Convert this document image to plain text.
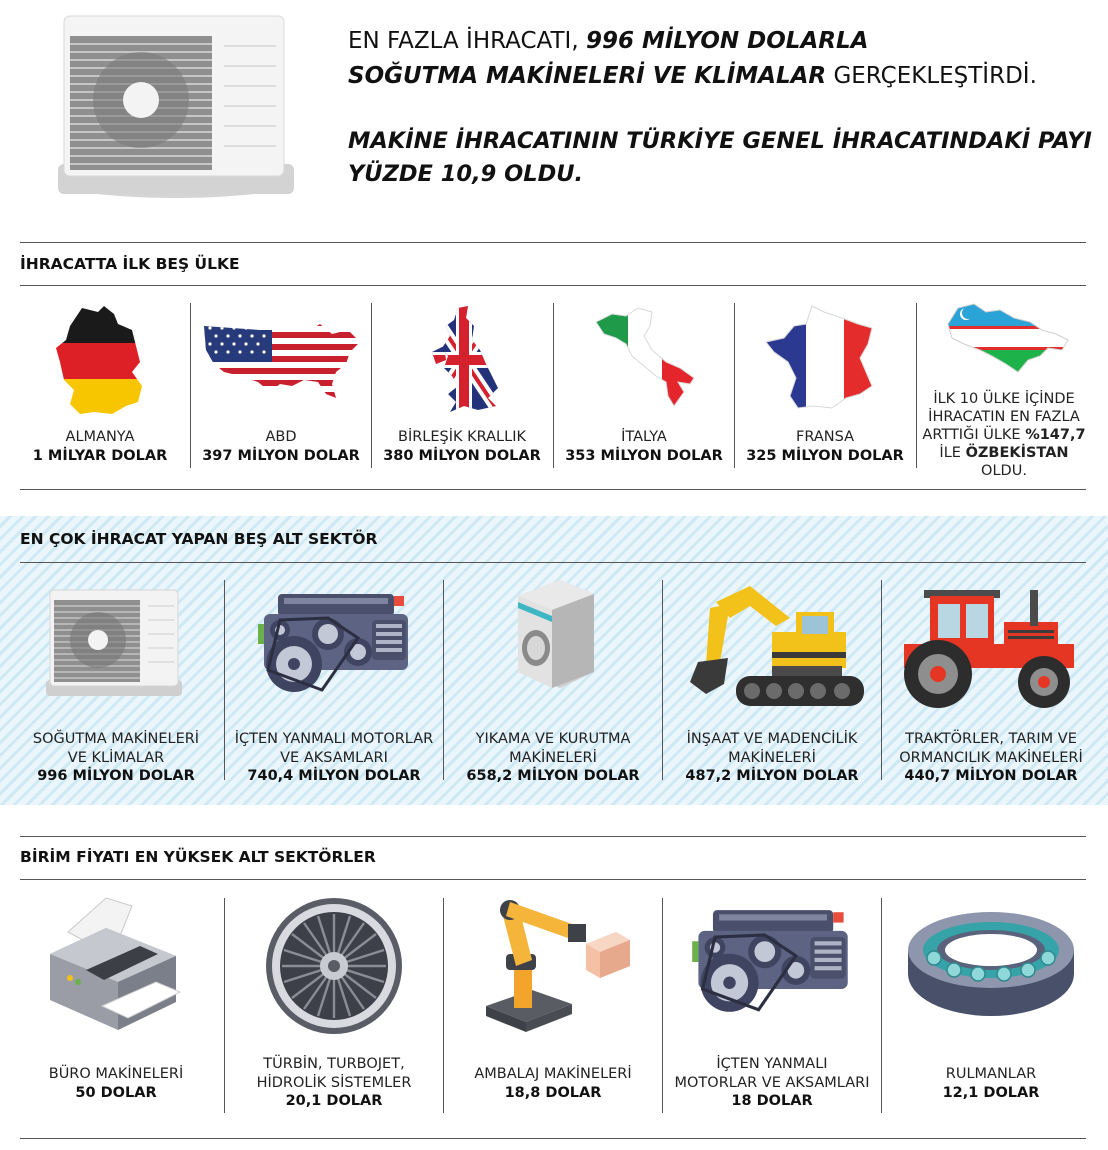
EN FAZLA İHRACATI, 996 MİLYON DOLARLA
SOĞUTMA MAKİNELERİ VE KLİMALAR GERÇEKLEŞTİRDİ.
MAKİNE İHRACATININ TÜRKİYE GENEL İHRACATINDAKİ PAYI
YÜZDE 10,9 OLDU.
İHRACATTA İLK BEŞ ÜLKE
ALMANYA
1 MİLYAR DOLAR
ABD
397 MİLYON DOLAR
BİRLEŞİK KRALLIK
380 MİLYON DOLAR
İTALYA
353 MİLYON DOLAR
FRANSA
325 MİLYON DOLAR
İLK 10 ÜLKE İÇİNDE
İHRACATIN EN FAZLA
ARTTIĞI ÜLKE %147,7
İLE ÖZBEKİSTAN OLDU.
EN ÇOK İHRACAT YAPAN BEŞ ALT SEKTÖR
SOĞUTMA MAKİNELERİ
VE KLİMALAR
996 MİLYON DOLAR
İÇTEN YANMALI MOTORLAR
VE AKSAMLARI
740,4 MİLYON DOLAR
YIKAMA VE KURUTMA
MAKİNELERİ
658,2 MİLYON DOLAR
İNŞAAT VE MADENCİLİK
MAKİNELERİ
487,2 MİLYON DOLAR
TRAKTÖRLER, TARIM VE
ORMANCILIK MAKİNELERİ
440,7 MİLYON DOLAR
BİRİM FİYATI EN YÜKSEK ALT SEKTÖRLER
BÜRO MAKİNELERİ
50 DOLAR
TÜRBİN, TURBOJET,
HİDROLİK SİSTEMLER
20,1 DOLAR
AMBALAJ MAKİNELERİ
18,8 DOLAR
İÇTEN YANMALI
MOTORLAR VE AKSAMLARI
18 DOLAR
RULMANLAR
12,1 DOLAR
